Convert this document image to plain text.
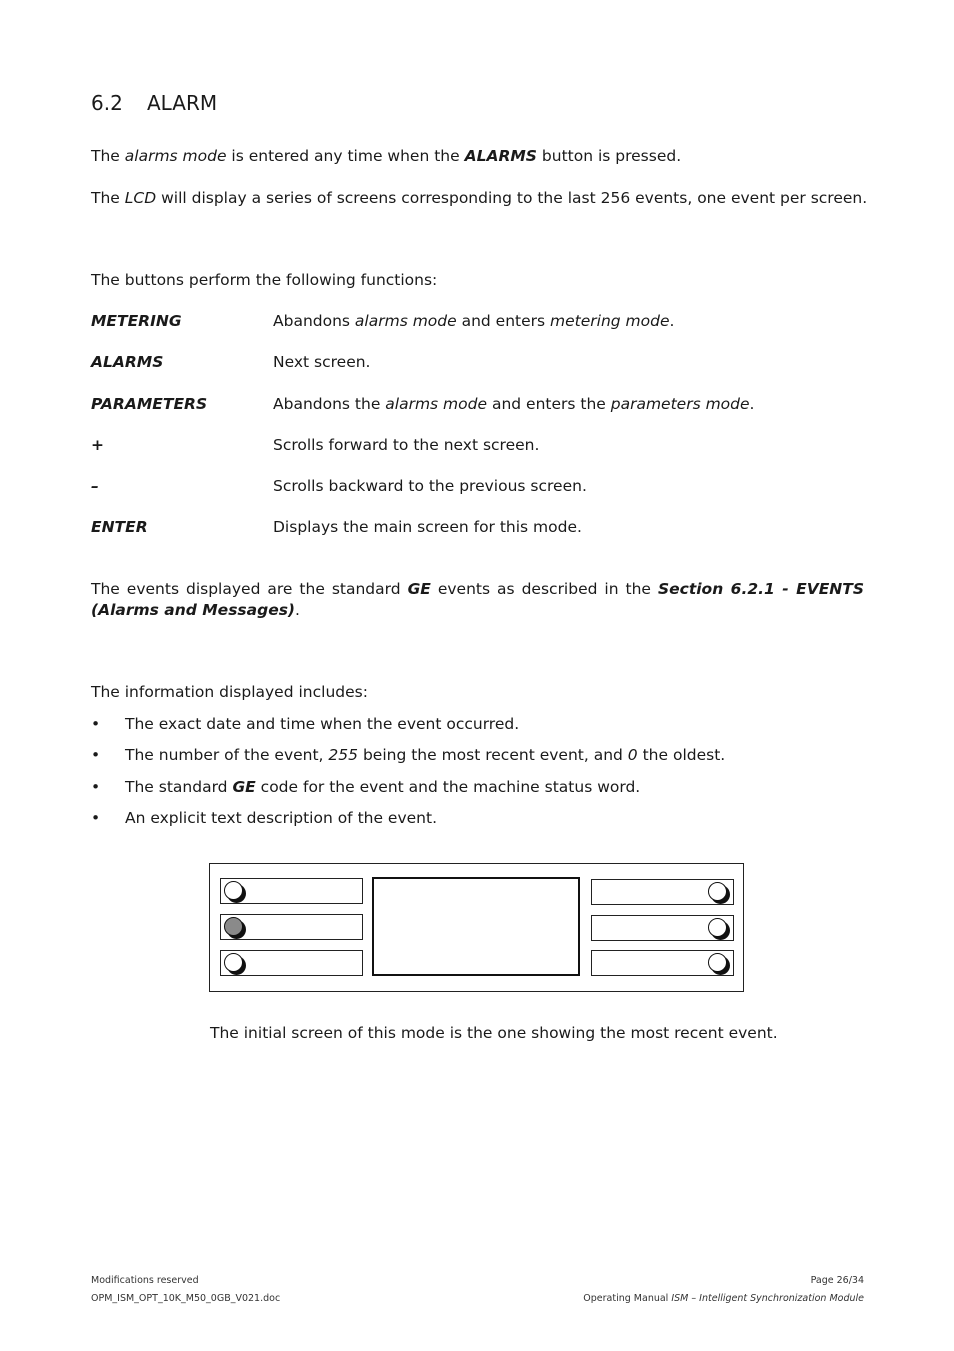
6.2 ALARM

The alarms mode is entered any time when the ALARMS button is pressed.

The LCD will display a series of screens corresponding to the last 256 events, one event per screen.

The buttons perform the following functions:

METERING	Abandons alarms mode and enters metering mode.
ALARMS	Next screen.
PARAMETERS	Abandons the alarms mode and enters the parameters mode.
+	Scrolls forward to the next screen.
–	Scrolls backward to the previous screen.
ENTER	Displays the main screen for this mode.

The events displayed are the standard GE events as described in the Section 6.2.1 - EVENTS (Alarms and Messages).

The information displayed includes:

•
The exact date and time when the event occurred.
•
The number of the event, 255 being the most recent event, and 0 the oldest.
•
The standard GE code for the event and the machine status word.
•
An explicit text description of the event.

The initial screen of this mode is the one showing the most recent event.

Modifications reserved
OPM_ISM_OPT_10K_M50_0GB_V021.doc
Page 26/34
Operating Manual ISM – Intelligent Synchronization Module
